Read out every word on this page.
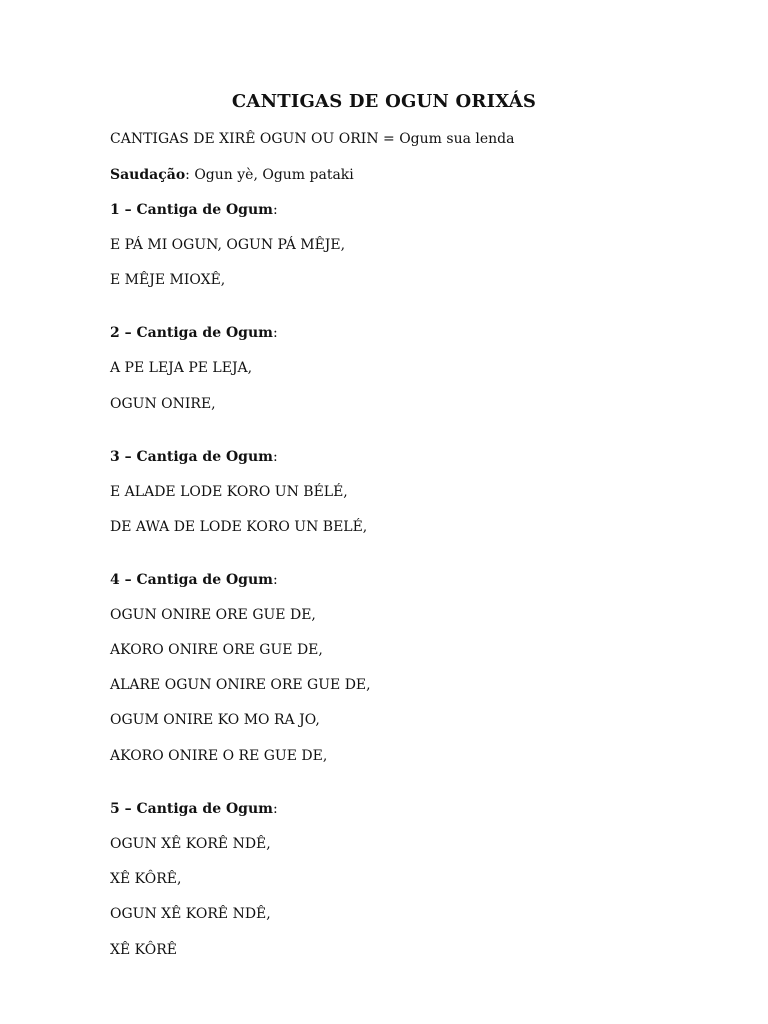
CANTIGAS DE OGUN ORIXÁS
CANTIGAS DE XIRÊ OGUN OU ORIN = Ogum sua lenda
Saudação: Ogun yè, Ogum pataki
1 – Cantiga de Ogum:
E PÁ MI OGUN, OGUN PÁ MÊJE,
E MÊJE MIOXÊ,
2 – Cantiga de Ogum:
A PE LEJA PE LEJA,
OGUN ONIRE,
3 – Cantiga de Ogum:
E ALADE LODE KORO UN BÉLÉ,
DE AWA DE LODE KORO UN BELÉ,
4 – Cantiga de Ogum:
OGUN ONIRE ORE GUE DE,
AKORO ONIRE ORE GUE DE,
ALARE OGUN ONIRE ORE GUE DE,
OGUM ONIRE KO MO RA JO,
AKORO ONIRE O RE GUE DE,
5 – Cantiga de Ogum:
OGUN XÊ KORÊ NDÊ,
XÊ KÔRÊ,
OGUN XÊ KORÊ NDÊ,
XÊ KÔRÊ
